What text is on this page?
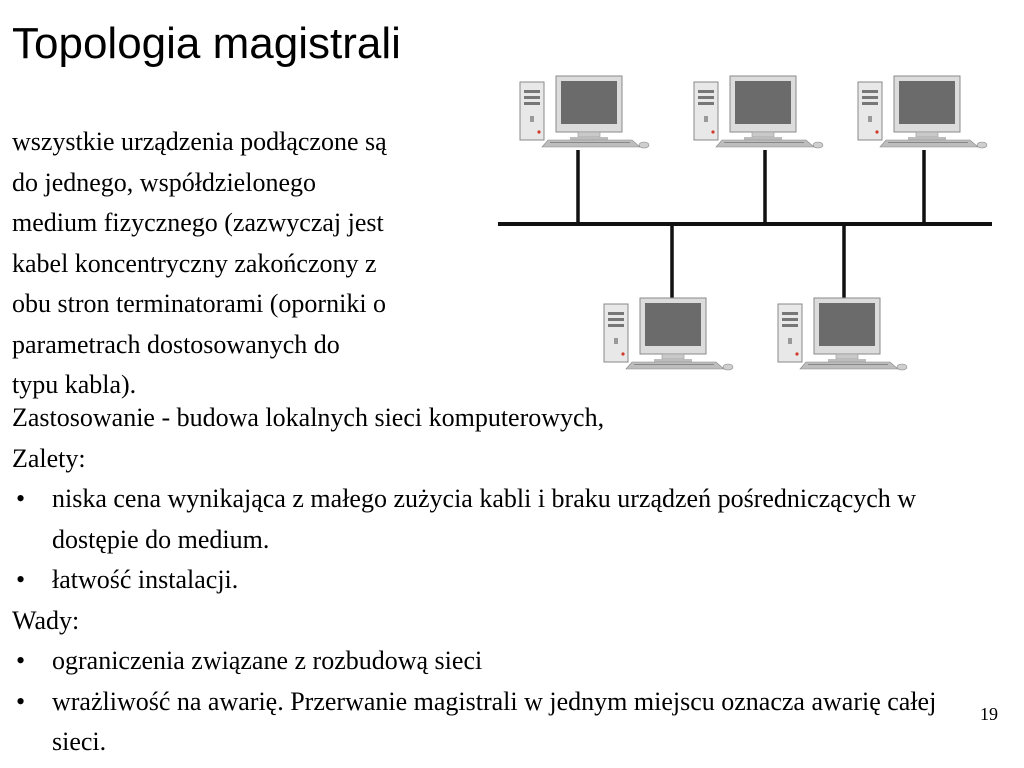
Topologia magistrali
wszystkie urządzenia podłączone są
do jednego, współdzielonego
medium fizycznego (zazwyczaj jest
kabel koncentryczny zakończony z
obu stron terminatorami (oporniki o
parametrach dostosowanych do
typu kabla).

Zastosowanie - budowa lokalnych sieci komputerowych,

Zalety:

• niska cena wynikająca z małego zużycia kabli i braku urządzeń pośredniczących w dostępie do medium.
• łatwość instalacji.

Wady:

• ograniczenia związane z rozbudową sieci
• wrażliwość na awarię. Przerwanie magistrali w jednym miejscu oznacza awarię całej sieci.
19
